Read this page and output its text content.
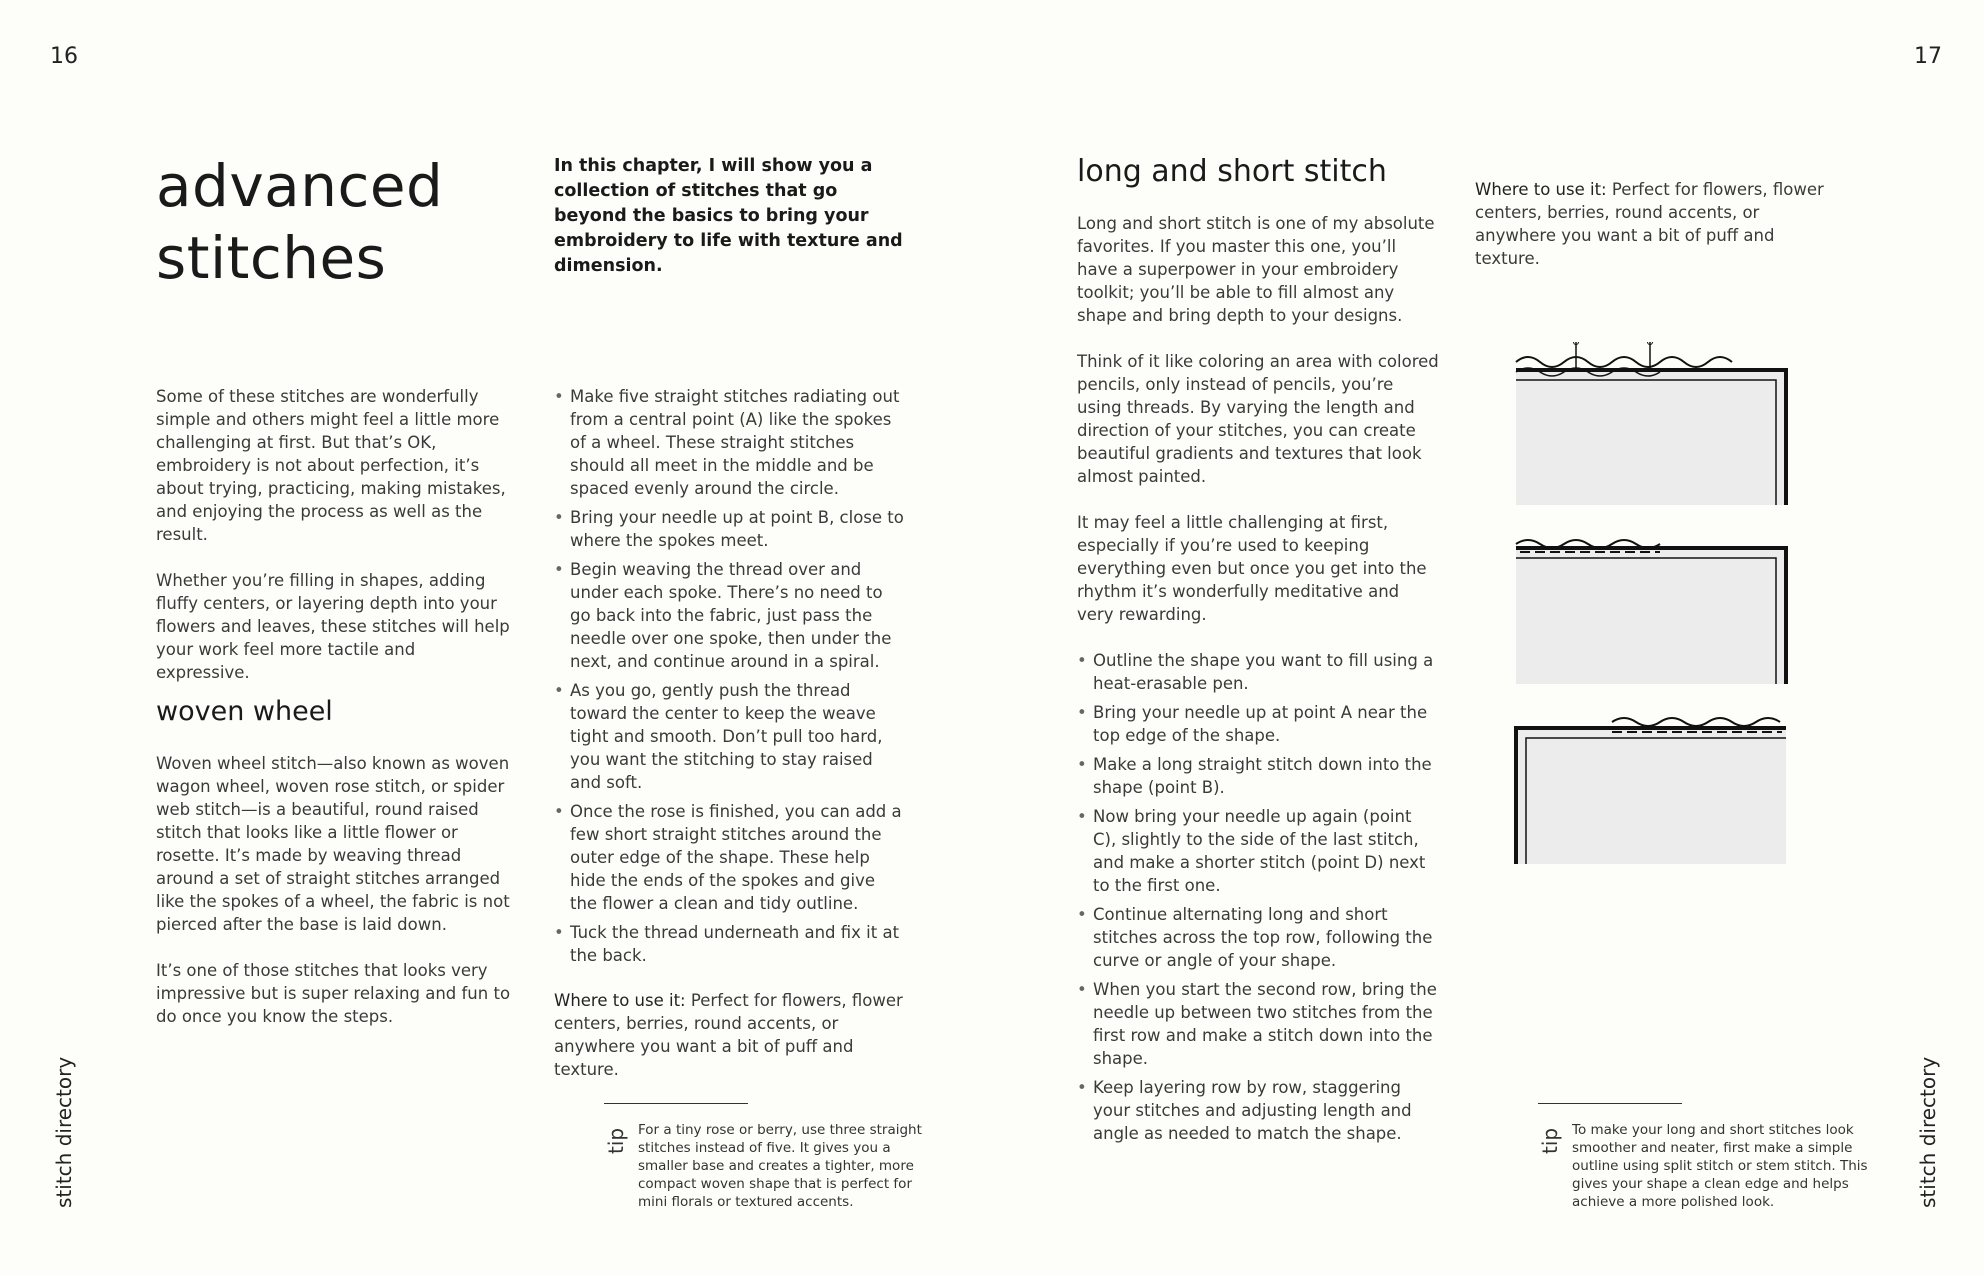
16	17
advanced
stitches
In this chapter, I will show you a collection of stitches that go beyond the basics to bring your embroidery to life with texture and dimension.

Some of these stitches are wonderfully simple and others might feel a little more challenging at first. But that’s OK, embroidery is not about perfection, it’s about trying, practicing, making mistakes, and enjoying the process as well as the result.

Whether you’re filling in shapes, adding fluffy centers, or layering depth into your flowers and leaves, these stitches will help your work feel more tactile and expressive.

woven wheel

Woven wheel stitch—also known as woven wagon wheel, woven rose stitch, or spider web stitch—is a beautiful, round raised stitch that looks like a little flower or rosette. It’s made by weaving thread around a set of straight stitches arranged like the spokes of a wheel, the fabric is not pierced after the base is laid down.

It’s one of those stitches that looks very impressive but is super relaxing and fun to do once you know the steps.

• Make five straight stitches radiating out from a central point (A) like the spokes of a wheel. These straight stitches should all meet in the middle and be spaced evenly around the circle.
• Bring your needle up at point B, close to where the spokes meet.
• Begin weaving the thread over and under each spoke. There’s no need to go back into the fabric, just pass the needle over one spoke, then under the next, and continue around in a spiral.
• As you go, gently push the thread toward the center to keep the weave tight and smooth. Don’t pull too hard, you want the stitching to stay raised and soft.
• Once the rose is finished, you can add a few short straight stitches around the outer edge of the shape. These help hide the ends of the spokes and give the flower a clean and tidy outline.
• Tuck the thread underneath and fix it at the back.
Where to use it: Perfect for flowers, flower centers, berries, round accents, or anywhere you want a bit of puff and texture.
tip For a tiny rose or berry, use three straight stitches instead of five. It gives you a smaller base and creates a tighter, more compact woven shape that is perfect for mini florals or textured accents.
stitch directory
long and short stitch

Long and short stitch is one of my absolute favorites. If you master this one, you’ll have a superpower in your embroidery toolkit; you’ll be able to fill almost any shape and bring depth to your designs.

Think of it like coloring an area with colored pencils, only instead of pencils, you’re using threads. By varying the length and direction of your stitches, you can create beautiful gradients and textures that look almost painted.

It may feel a little challenging at first, especially if you’re used to keeping everything even but once you get into the rhythm it’s wonderfully meditative and very rewarding.

• Outline the shape you want to fill using a heat-erasable pen.
• Bring your needle up at point A near the top edge of the shape.
• Make a long straight stitch down into the shape (point B).
• Now bring your needle up again (point C), slightly to the side of the last stitch, and make a shorter stitch (point D) next to the first one.
• Continue alternating long and short stitches across the top row, following the curve or angle of your shape.
• When you start the second row, bring the needle up between two stitches from the first row and make a stitch down into the shape.
• Keep layering row by row, staggering your stitches and adjusting length and angle as needed to match the shape.
Where to use it: Perfect for flowers, flower centers, berries, round accents, or anywhere you want a bit of puff and texture.
tip To make your long and short stitches look smoother and neater, first make a simple outline using split stitch or stem stitch. This gives your shape a clean edge and helps achieve a more polished look.	stitch directory
